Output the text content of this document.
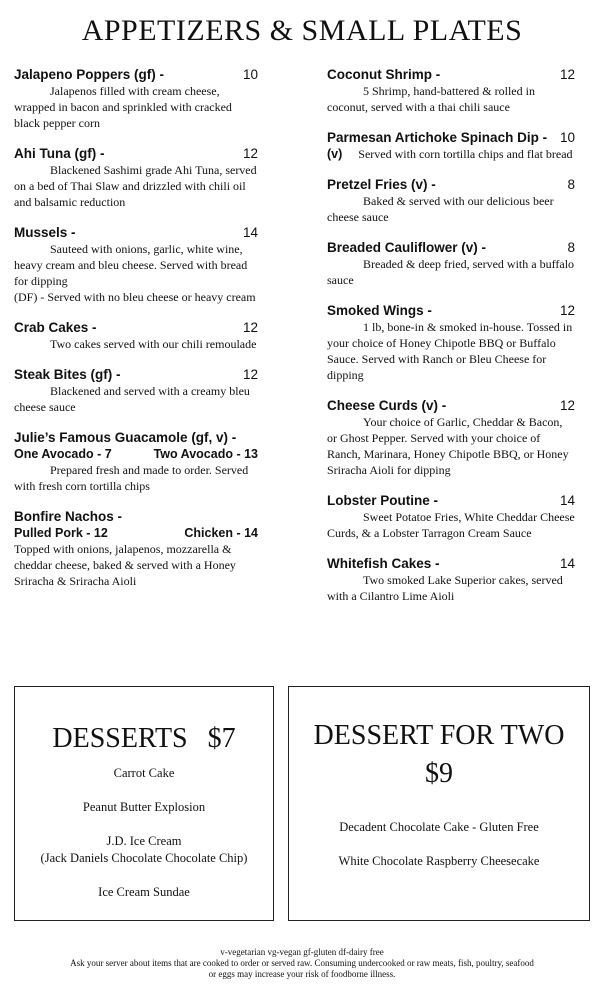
APPETIZERS & SMALL PLATES
Jalapeno Poppers (gf) -	10
Jalapenos filled with cream cheese, wrapped in bacon and sprinkled with cracked black pepper corn
Ahi Tuna (gf) -	12
Blackened Sashimi grade Ahi Tuna, served on a bed of Thai Slaw and drizzled with chili oil and balsamic reduction
Mussels -	14
Sauteed with onions, garlic, white wine, heavy cream and bleu cheese. Served with bread for dipping
(DF) - Served with no bleu cheese or heavy cream
Crab Cakes -	12
Two cakes served with our chili remoulade
Steak Bites (gf) -	12
Blackened and served with a creamy bleu cheese sauce
Julie’s Famous Guacamole (gf, v) -
One Avocado - 7	Two Avocado - 13
Prepared fresh and made to order. Served with fresh corn tortilla chips
Bonfire Nachos -
Pulled Pork - 12	Chicken - 14
Topped with onions, jalapenos, mozzarella & cheddar cheese, baked & served with a Honey Sriracha & Sriracha Aioli
Coconut Shrimp -	12
5 Shrimp, hand-battered & rolled in coconut, served with a thai chili sauce
Parmesan Artichoke Spinach Dip - 10
(v) Served with corn tortilla chips and flat bread
Pretzel Fries (v) -	8
Baked & served with our delicious beer cheese sauce
Breaded Cauliflower (v) -	8
Breaded & deep fried, served with a buffalo sauce
Smoked Wings -	12
1 lb, bone-in & smoked in-house. Tossed in your choice of Honey Chipotle BBQ or Buffalo Sauce. Served with Ranch or Bleu Cheese for dipping
Cheese Curds (v) -	12
Your choice of Garlic, Cheddar & Bacon, or Ghost Pepper. Served with your choice of Ranch, Marinara, Honey Chipotle BBQ, or Honey Sriracha Aioli for dipping
Lobster Poutine -	14
Sweet Potatoe Fries, White Cheddar Cheese Curds, & a Lobster Tarragon Cream Sauce
Whitefish Cakes -	14
Two smoked Lake Superior cakes, served with a Cilantro Lime Aioli
DESSERTS $7
Carrot Cake
Peanut Butter Explosion
J.D. Ice Cream
(Jack Daniels Chocolate Chocolate Chip)
Ice Cream Sundae
DESSERT FOR TWO
$9
Decadent Chocolate Cake - Gluten Free
White Chocolate Raspberry Cheesecake
v-vegetarian vg-vegan gf-gluten df-dairy free
Ask your server about items that are cooked to order or served raw. Consuming undercooked or raw meats, fish, poultry, seafood
or eggs may increase your risk of foodborne illness.
